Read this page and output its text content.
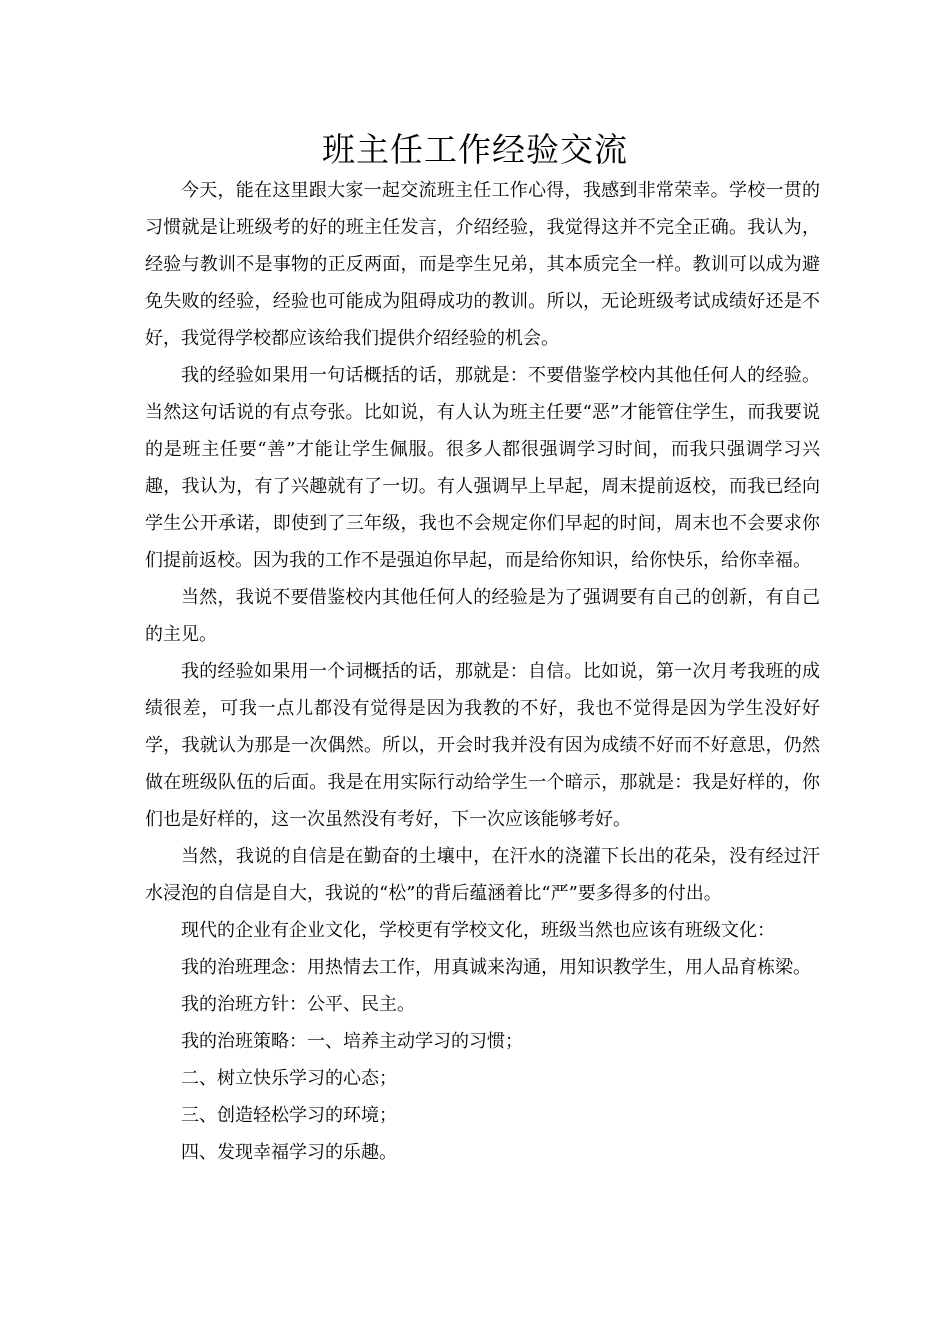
班主任工作经验交流

今天，能在这里跟大家一起交流班主任工作心得，我感到非常荣幸。学校一贯的习惯就是让班级考的好的班主任发言，介绍经验，我觉得这并不完全正确。我认为，经验与教训不是事物的正反两面，而是孪生兄弟，其本质完全一样。教训可以成为避免失败的经验，经验也可能成为阻碍成功的教训。所以，无论班级考试成绩好还是不好，我觉得学校都应该给我们提供介绍经验的机会。

我的经验如果用一句话概括的话，那就是：不要借鉴学校内其他任何人的经验。当然这句话说的有点夸张。比如说，有人认为班主任要“恶”才能管住学生，而我要说的是班主任要“善”才能让学生佩服。很多人都很强调学习时间，而我只强调学习兴趣，我认为，有了兴趣就有了一切。有人强调早上早起，周末提前返校，而我已经向学生公开承诺，即使到了三年级，我也不会规定你们早起的时间，周末也不会要求你们提前返校。因为我的工作不是强迫你早起，而是给你知识，给你快乐，给你幸福。

当然，我说不要借鉴校内其他任何人的经验是为了强调要有自己的创新，有自己的主见。

我的经验如果用一个词概括的话，那就是：自信。比如说，第一次月考我班的成绩很差，可我一点儿都没有觉得是因为我教的不好，我也不觉得是因为学生没好好学，我就认为那是一次偶然。所以，开会时我并没有因为成绩不好而不好意思，仍然做在班级队伍的后面。我是在用实际行动给学生一个暗示，那就是：我是好样的，你们也是好样的，这一次虽然没有考好，下一次应该能够考好。

当然，我说的自信是在勤奋的土壤中，在汗水的浇灌下长出的花朵，没有经过汗水浸泡的自信是自大，我说的“松”的背后蕴涵着比“严”要多得多的付出。

现代的企业有企业文化，学校更有学校文化，班级当然也应该有班级文化：

我的治班理念：用热情去工作，用真诚来沟通，用知识教学生，用人品育栋梁。

我的治班方针：公平、民主。

我的治班策略：一、培养主动学习的习惯；

二、树立快乐学习的心态；

三、创造轻松学习的环境；

四、发现幸福学习的乐趣。
